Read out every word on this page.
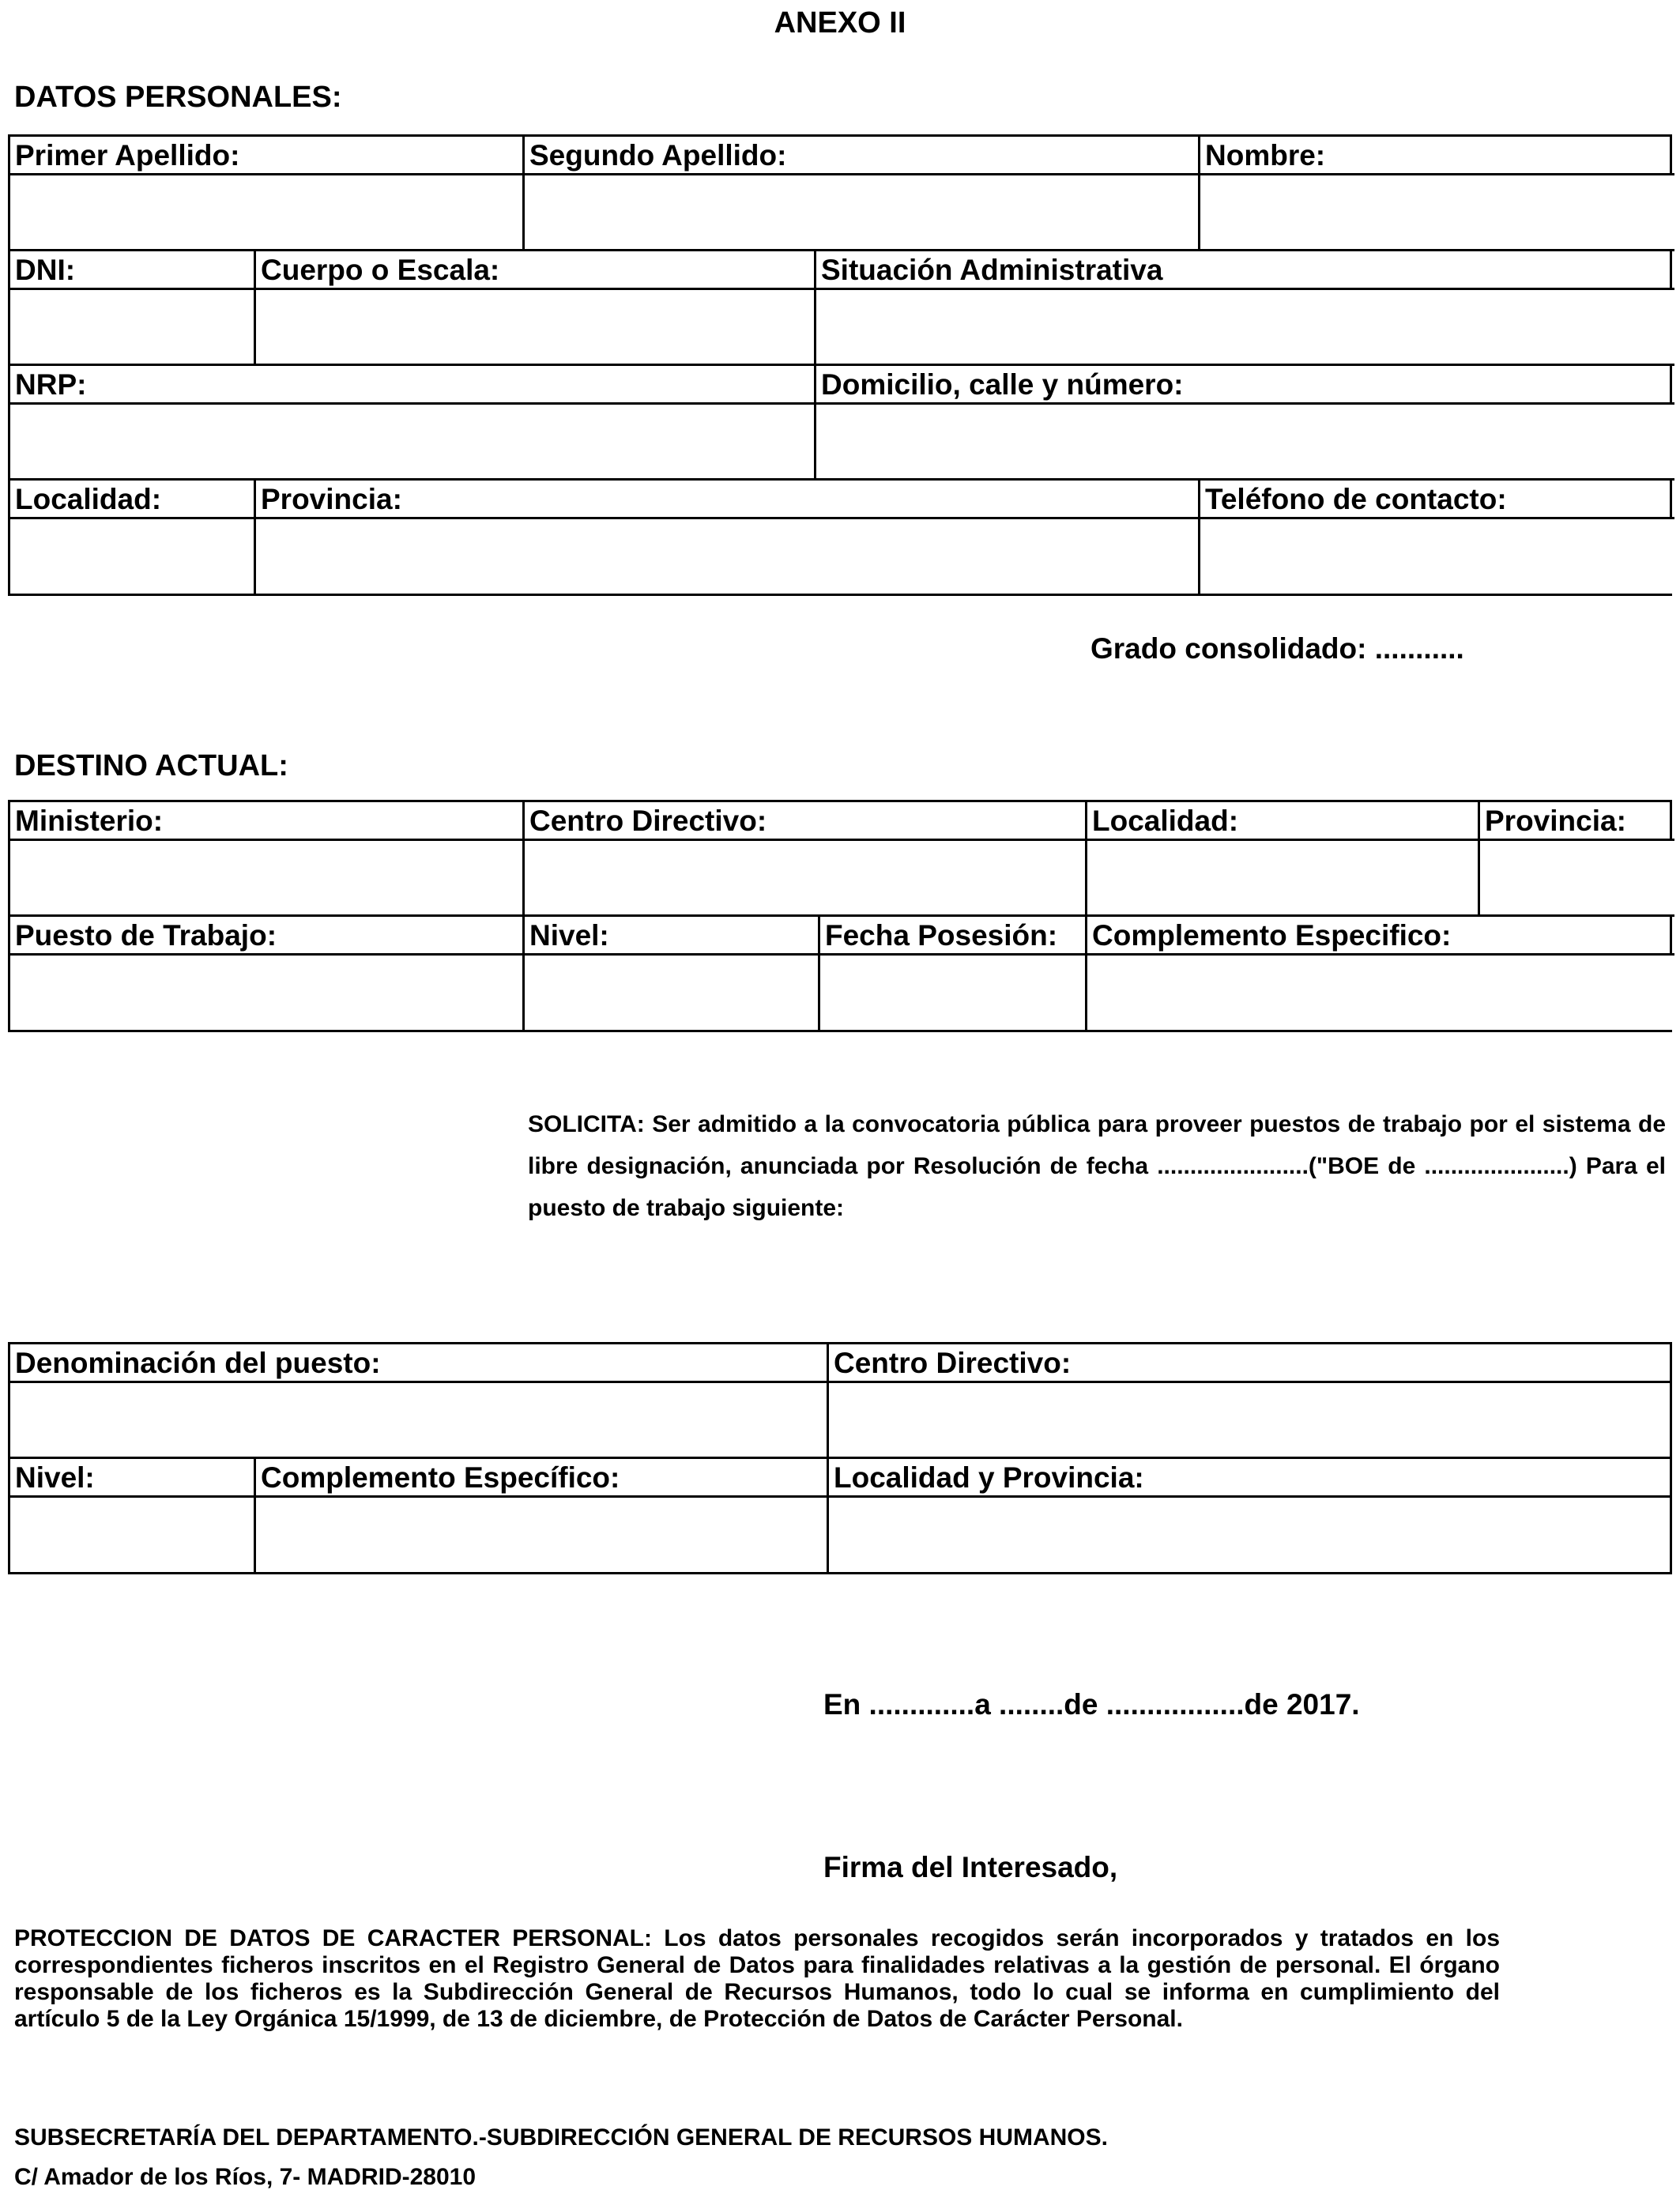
ANEXO II
DATOS PERSONALES:
Primer Apellido:	Segundo Apellido:	Nombre:
DNI:	Cuerpo o Escala:	Situación Administrativa
NRP:	Domicilio, calle y número:
Localidad:	Provincia:	Teléfono de contacto:
Grado consolidado: ...........
DESTINO ACTUAL:
Ministerio:	Centro Directivo:	Localidad:	Provincia:
Puesto de Trabajo:	Nivel:	Fecha Posesión:	Complemento Especifico:
SOLICITA: Ser admitido a la convocatoria pública para proveer puestos de trabajo por el sistema de libre designación, anunciada por Resolución de fecha .......................("BOE de ......................) Para el puesto de trabajo siguiente:
Denominación del puesto:	Centro Directivo:
Nivel:	Complemento Específico:	Localidad y Provincia:
En .............a ........de .................de 2017.
Firma del Interesado,
PROTECCION DE DATOS DE CARACTER PERSONAL: Los datos personales recogidos serán incorporados y tratados en los correspondientes ficheros inscritos en el Registro General de Datos para finalidades relativas a la gestión de personal. El órgano responsable de los ficheros es la Subdirección General de Recursos Humanos, todo lo cual se informa en cumplimiento del artículo 5 de la Ley Orgánica 15/1999, de 13 de diciembre, de Protección de Datos de Carácter Personal.
SUBSECRETARÍA DEL DEPARTAMENTO.-SUBDIRECCIÓN GENERAL DE RECURSOS HUMANOS.
C/ Amador de los Ríos, 7- MADRID-28010
